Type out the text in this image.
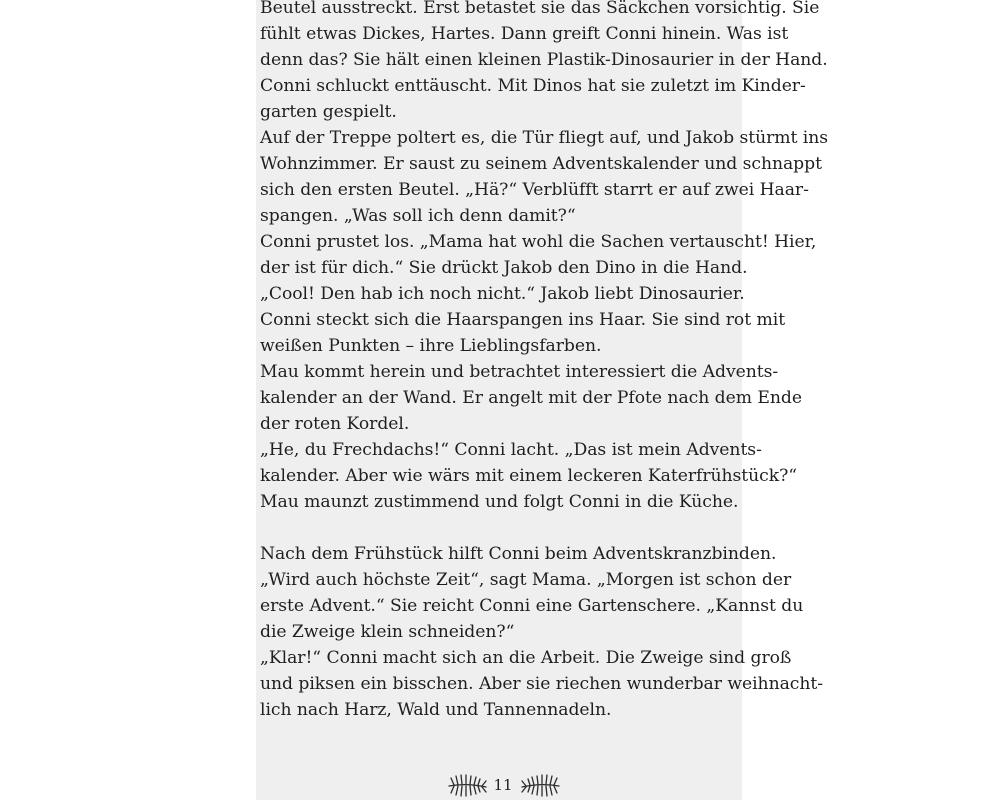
Beutel ausstreckt. Erst betastet sie das Säckchen vorsichtig. Sie
fühlt etwas Dickes, Hartes. Dann greift Conni hinein. Was ist
denn das? Sie hält einen kleinen Plastik-Dinosaurier in der Hand.
Conni schluckt enttäuscht. Mit Dinos hat sie zuletzt im Kinder-
garten gespielt.
Auf der Treppe poltert es, die Tür fliegt auf, und Jakob stürmt ins
Wohnzimmer. Er saust zu seinem Adventskalender und schnappt
sich den ersten Beutel. „Hä?“ Verblüfft starrt er auf zwei Haar-
spangen. „Was soll ich denn damit?“
Conni prustet los. „Mama hat wohl die Sachen vertauscht! Hier,
der ist für dich.“ Sie drückt Jakob den Dino in die Hand.
„Cool! Den hab ich noch nicht.“ Jakob liebt Dinosaurier.
Conni steckt sich die Haarspangen ins Haar. Sie sind rot mit
weißen Punkten – ihre Lieblingsfarben.
Mau kommt herein und betrachtet interessiert die Advents-
kalender an der Wand. Er angelt mit der Pfote nach dem Ende
der roten Kordel.
„He, du Frechdachs!“ Conni lacht. „Das ist mein Advents-
kalender. Aber wie wärs mit einem leckeren Katerfrühstück?“
Mau maunzt zustimmend und folgt Conni in die Küche.
Nach dem Frühstück hilft Conni beim Adventskranzbinden.
„Wird auch höchste Zeit“, sagt Mama. „Morgen ist schon der
erste Advent.“ Sie reicht Conni eine Gartenschere. „Kannst du
die Zweige klein schneiden?“
„Klar!“ Conni macht sich an die Arbeit. Die Zweige sind groß
und piksen ein bisschen. Aber sie riechen wunderbar weihnacht-
lich nach Harz, Wald und Tannennadeln.
11
